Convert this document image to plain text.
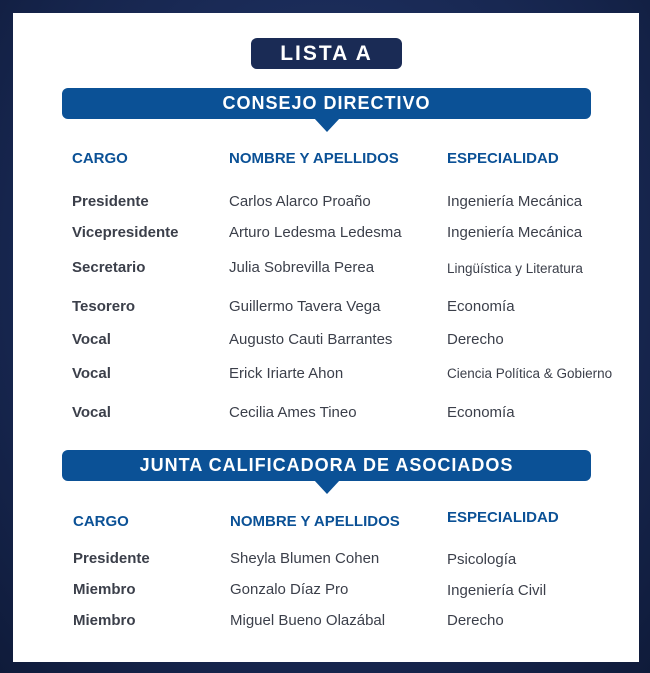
LISTA A
CONSEJO DIRECTIVO
CARGO	NOMBRE Y APELLIDOS	ESPECIALIDAD
Presidente	Carlos Alarco Proaño	Ingeniería Mecánica
Vicepresidente	Arturo Ledesma Ledesma	Ingeniería Mecánica
Secretario	Julia Sobrevilla Perea	Lingüística y Literatura
Tesorero	Guillermo Tavera Vega	Economía
Vocal	Augusto Cauti Barrantes	Derecho
Vocal	Erick Iriarte Ahon	Ciencia Política & Gobierno
Vocal	Cecilia Ames Tineo	Economía
JUNTA CALIFICADORA DE ASOCIADOS
CARGO	NOMBRE Y APELLIDOS	ESPECIALIDAD
Presidente	Sheyla Blumen Cohen	Psicología
Miembro	Gonzalo Díaz Pro	Ingeniería Civil
Miembro	Miguel Bueno Olazábal	Derecho
